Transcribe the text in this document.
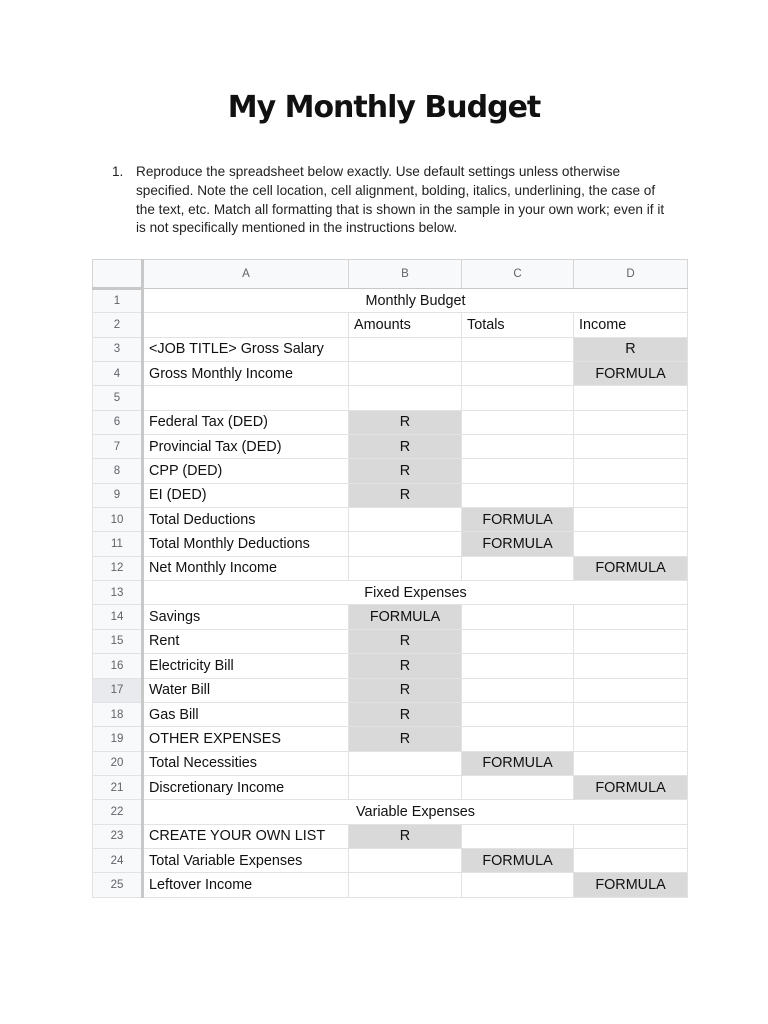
My Monthly Budget
1. Reproduce the spreadsheet below exactly. Use default settings unless otherwise specified. Note the cell location, cell alignment, bolding, italics, underlining, the case of the text, etc. Match all formatting that is shown in the sample in your own work; even if it is not specifically mentioned in the instructions below.
	A	B	C	D
1	Monthly Budget			
2		Amounts	Totals	Income
3	<JOB TITLE> Gross Salary			R
4	Gross Monthly Income			FORMULA
5				
6	Federal Tax (DED)	R		
7	Provincial Tax (DED)	R		
8	CPP (DED)	R		
9	EI (DED)	R		
10	Total Deductions		FORMULA	
11	Total Monthly Deductions		FORMULA	
12	Net Monthly Income			FORMULA
13	Fixed Expenses			
14	Savings	FORMULA		
15	Rent	R		
16	Electricity Bill	R		
17	Water Bill	R		
18	Gas Bill	R		
19	OTHER EXPENSES	R		
20	Total Necessities		FORMULA	
21	Discretionary Income			FORMULA
22	Variable Expenses			
23	CREATE YOUR OWN LIST	R		
24	Total Variable Expenses		FORMULA	
25	Leftover Income			FORMULA
